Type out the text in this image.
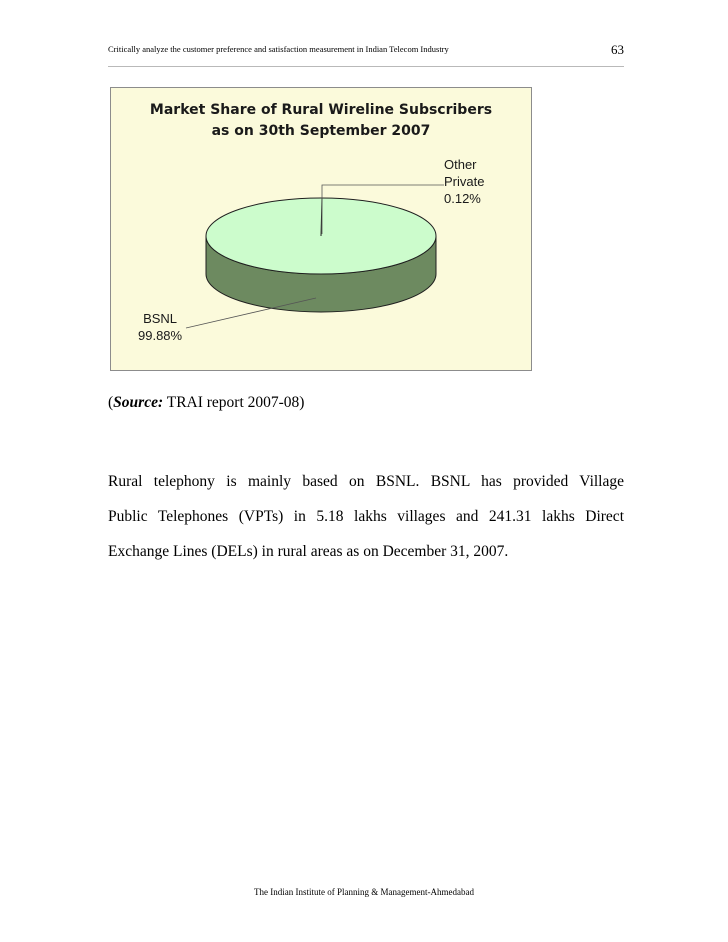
Critically analyze the customer preference and satisfaction measurement in Indian Telecom Industry	63
Market Share of Rural Wireline Subscribers
as on 30th September 2007
Other
Private
0.12%
BSNL
99.88%
(Source: TRAI report 2007-08)
Rural telephony is mainly based on BSNL. BSNL has provided Village
Public Telephones (VPTs) in 5.18 lakhs villages and 241.31 lakhs Direct
Exchange Lines (DELs) in rural areas as on December 31, 2007.
The Indian Institute of Planning & Management-Ahmedabad
